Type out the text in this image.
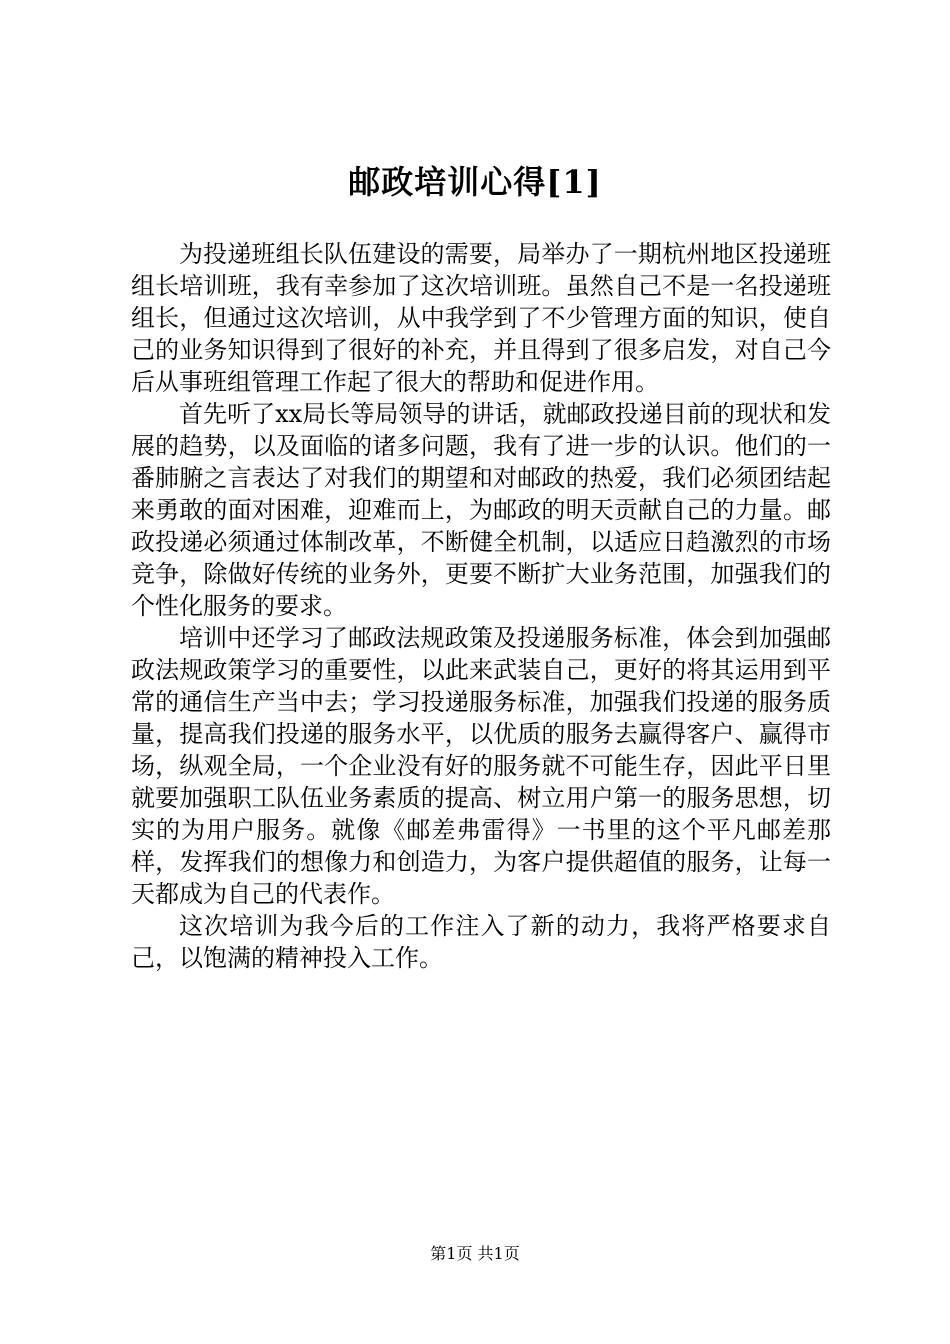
邮政培训心得[1]

为投递班组长队伍建设的需要，局举办了一期杭州地区投递班组长培训班，我有幸参加了这次培训班。虽然自己不是一名投递班组长，但通过这次培训，从中我学到了不少管理方面的知识，使自己的业务知识得到了很好的补充，并且得到了很多启发，对自己今后从事班组管理工作起了很大的帮助和促进作用。

首先听了xx局长等局领导的讲话，就邮政投递目前的现状和发展的趋势，以及面临的诸多问题，我有了进一步的认识。他们的一番肺腑之言表达了对我们的期望和对邮政的热爱，我们必须团结起来勇敢的面对困难，迎难而上，为邮政的明天贡献自己的力量。邮政投递必须通过体制改革，不断健全机制，以适应日趋激烈的市场竞争，除做好传统的业务外，更要不断扩大业务范围，加强我们的个性化服务的要求。

培训中还学习了邮政法规政策及投递服务标准，体会到加强邮政法规政策学习的重要性，以此来武装自己，更好的将其运用到平常的通信生产当中去；学习投递服务标准，加强我们投递的服务质量，提高我们投递的服务水平，以优质的服务去赢得客户、赢得市场，纵观全局，一个企业没有好的服务就不可能生存，因此平日里就要加强职工队伍业务素质的提高、树立用户第一的服务思想，切实的为用户服务。就像《邮差弗雷得》一书里的这个平凡邮差那样，发挥我们的想像力和创造力，为客户提供超值的服务，让每一天都成为自己的代表作。

这次培训为我今后的工作注入了新的动力，我将严格要求自己，以饱满的精神投入工作。

第1页 共1页
